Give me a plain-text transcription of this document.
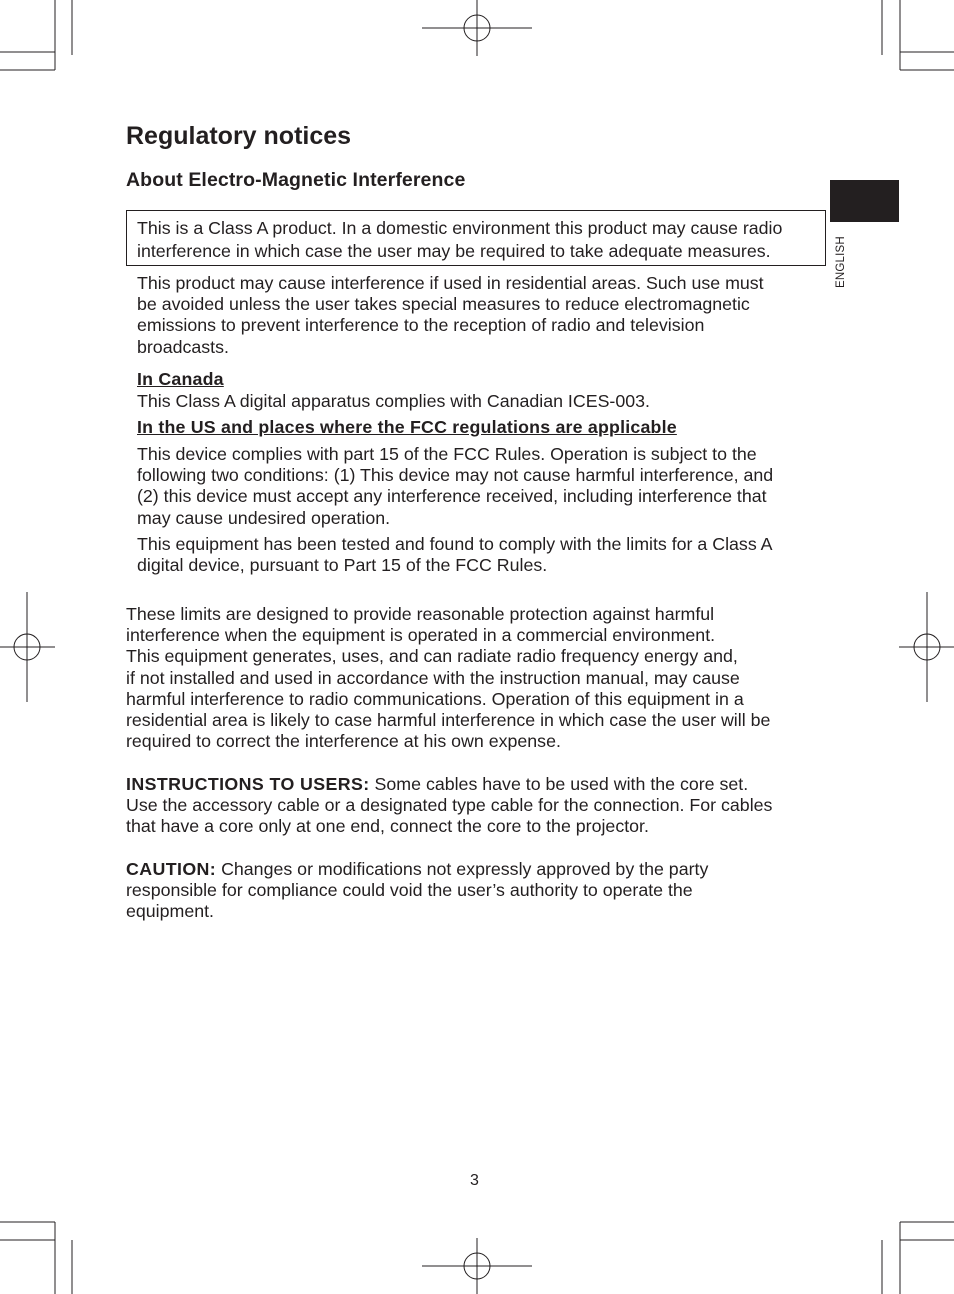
ENGLISH
Regulatory notices
About Electro-Magnetic Interference
This is a Class A product. In a domestic environment this product may cause radio
interference in which case the user may be required to take adequate measures.
This product may cause interference if used in residential areas. Such use must
be avoided unless the user takes special measures to reduce electromagnetic
emissions to prevent interference to the reception of radio and television
broadcasts.
In Canada
This Class A digital apparatus complies with Canadian ICES-003.
In the US and places where the FCC regulations are applicable
This device complies with part 15 of the FCC Rules. Operation is subject to the
following two conditions: (1) This device may not cause harmful interference, and
(2) this device must accept any interference received, including interference that
may cause undesired operation.
This equipment has been tested and found to comply with the limits for a Class A
digital device, pursuant to Part 15 of the FCC Rules.
These limits are designed to provide reasonable protection against harmful
interference when the equipment is operated in a commercial environment.
This equipment generates, uses, and can radiate radio frequency energy and,
if not installed and used in accordance with the instruction manual, may cause
harmful interference to radio communications. Operation of this equipment in a
residential area is likely to case harmful interference in which case the user will be
required to correct the interference at his own expense.
INSTRUCTIONS TO USERS: Some cables have to be used with the core set.
Use the accessory cable or a designated type cable for the connection. For cables
that have a core only at one end, connect the core to the projector.
CAUTION: Changes or modifications not expressly approved by the party
responsible for compliance could void the user’s authority to operate the
equipment.
3
